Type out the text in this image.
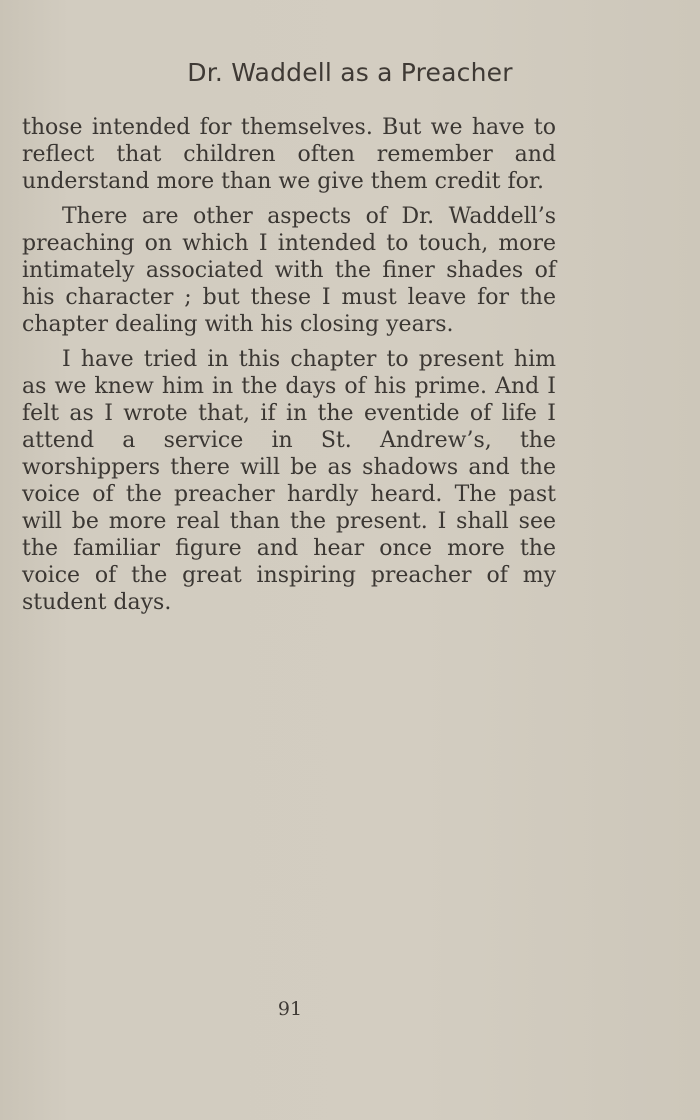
Dr. Waddell as a Preacher

those intended for themselves. But we have to reflect that children often remember and understand more than we give them credit for.

There are other aspects of Dr. Waddell’s preaching on which I intended to touch, more intimately associated with the finer shades of his character ; but these I must leave for the chapter dealing with his closing years.

I have tried in this chapter to present him as we knew him in the days of his prime. And I felt as I wrote that, if in the eventide of life I attend a service in St. Andrew’s, the worshippers there will be as shadows and the voice of the preacher hardly heard. The past will be more real than the present. I shall see the familiar figure and hear once more the voice of the great inspiring preacher of my student days.

91
